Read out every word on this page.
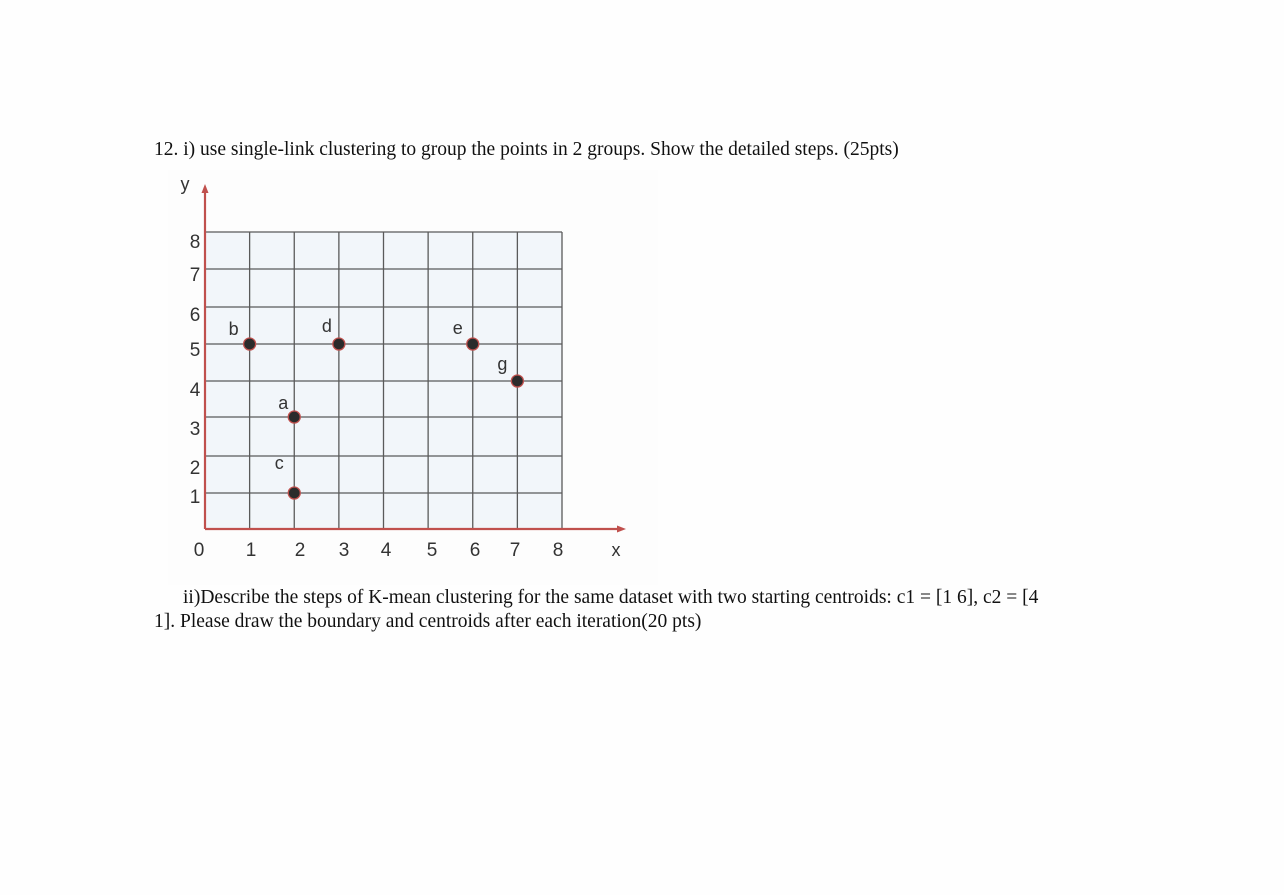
12. i) use single-link clustering to group the points in 2 groups. Show the detailed steps. (25pts)
0 1 2 3 4 5 6 7 8
1
2
3
4
5
6
7
8
a
b
c
d	e
g
x
y
ii)Describe the steps of K-mean clustering for the same dataset with two starting centroids: c1 = [1 6], c2 = [4
1]. Please draw the boundary and centroids after each iteration(20 pts)
